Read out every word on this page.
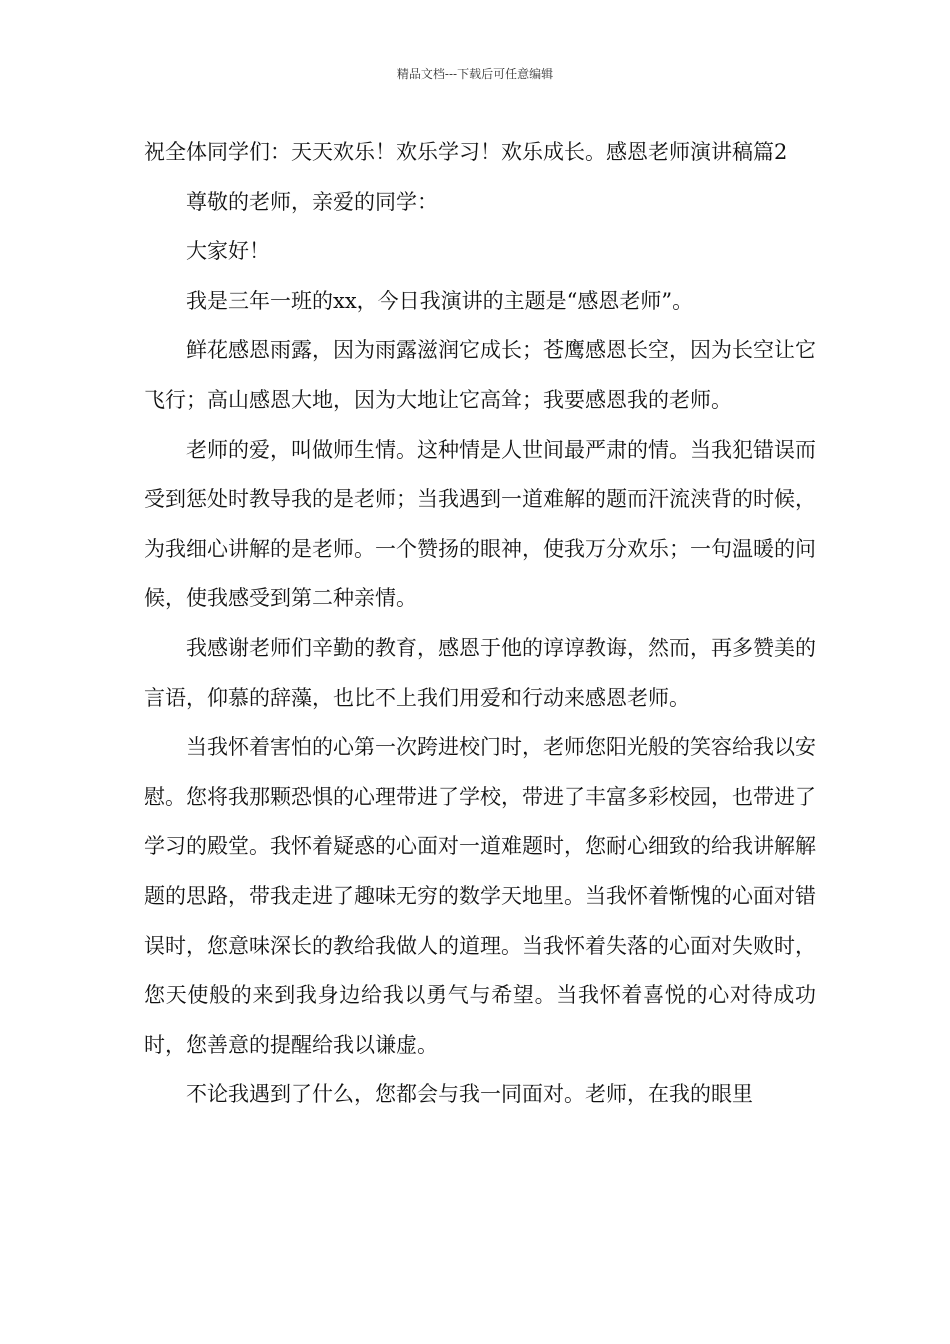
精品文档---下载后可任意编辑

祝全体同学们：天天欢乐！欢乐学习！欢乐成长。感恩老师演讲稿篇2

尊敬的老师，亲爱的同学：

大家好！

我是三年一班的xx，今日我演讲的主题是“感恩老师”。

鲜花感恩雨露，因为雨露滋润它成长；苍鹰感恩长空，因为长空让它飞行；高山感恩大地，因为大地让它高耸；我要感恩我的老师。

老师的爱，叫做师生情。这种情是人世间最严肃的情。当我犯错误而受到惩处时教导我的是老师；当我遇到一道难解的题而汗流浃背的时候，为我细心讲解的是老师。一个赞扬的眼神，使我万分欢乐；一句温暖的问候，使我感受到第二种亲情。

我感谢老师们辛勤的教育，感恩于他的谆谆教诲，然而，再多赞美的言语，仰慕的辞藻，也比不上我们用爱和行动来感恩老师。

当我怀着害怕的心第一次跨进校门时，老师您阳光般的笑容给我以安慰。您将我那颗恐惧的心理带进了学校，带进了丰富多彩校园，也带进了学习的殿堂。我怀着疑惑的心面对一道难题时，您耐心细致的给我讲解解题的思路，带我走进了趣味无穷的数学天地里。当我怀着惭愧的心面对错误时，您意味深长的教给我做人的道理。当我怀着失落的心面对失败时，您天使般的来到我身边给我以勇气与希望。当我怀着喜悦的心对待成功时，您善意的提醒给我以谦虚。

不论我遇到了什么，您都会与我一同面对。老师，在我的眼里
